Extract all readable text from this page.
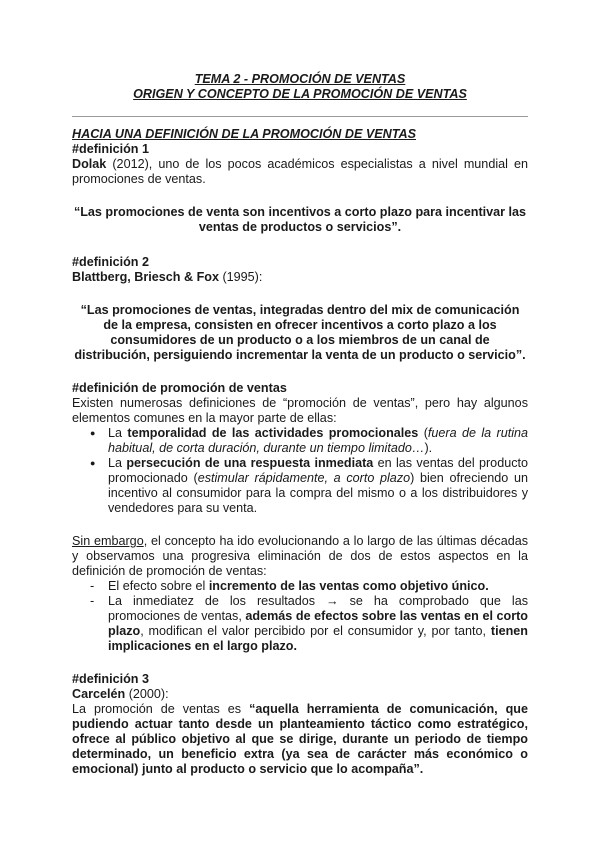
TEMA 2 - PROMOCIÓN DE VENTAS
ORIGEN Y CONCEPTO DE LA PROMOCIÓN DE VENTAS
HACIA UNA DEFINICIÓN DE LA PROMOCIÓN DE VENTAS
#definición 1

Dolak (2012), uno de los pocos académicos especialistas a nivel mundial en promociones de ventas.

“Las promociones de venta son incentivos a corto plazo para incentivar las ventas de productos o servicios”.

#definición 2

Blattberg, Briesch & Fox (1995):

“Las promociones de ventas, integradas dentro del mix de comunicación de la empresa, consisten en ofrecer incentivos a corto plazo a los consumidores de un producto o a los miembros de un canal de distribución, persiguiendo incrementar la venta de un producto o servicio”.

#definición de promoción de ventas

Existen numerosas definiciones de “promoción de ventas”, pero hay algunos elementos comunes en la mayor parte de ellas:

● La temporalidad de las actividades promocionales (fuera de la rutina habitual, de corta duración, durante un tiempo limitado…).
● La persecución de una respuesta inmediata en las ventas del producto promocionado (estimular rápidamente, a corto plazo) bien ofreciendo un incentivo al consumidor para la compra del mismo o a los distribuidores y vendedores para su venta.

Sin embargo, el concepto ha ido evolucionando a lo largo de las últimas décadas y observamos una progresiva eliminación de dos de estos aspectos en la definición de promoción de ventas:

- El efecto sobre el incremento de las ventas como objetivo único.
- La inmediatez de los resultados → se ha comprobado que las promociones de ventas, además de efectos sobre las ventas en el corto plazo, modifican el valor percibido por el consumidor y, por tanto, tienen implicaciones en el largo plazo.
#definición 3

Carcelén (2000):

La promoción de ventas es “aquella herramienta de comunicación, que pudiendo actuar tanto desde un planteamiento táctico como estratégico, ofrece al público objetivo al que se dirige, durante un periodo de tiempo determinado, un beneficio extra (ya sea de carácter más económico o emocional) junto al producto o servicio que lo acompaña”.
